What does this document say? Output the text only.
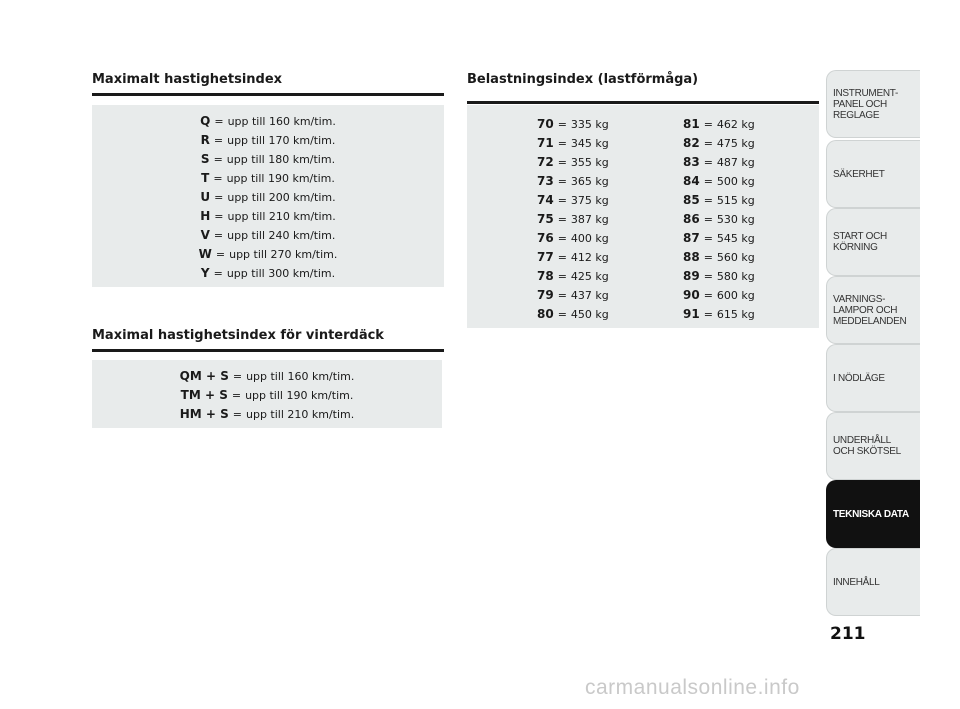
Maximalt hastighetsindex
Q = upp till 160 km/tim.
R = upp till 170 km/tim.
S = upp till 180 km/tim.
T = upp till 190 km/tim.
U = upp till 200 km/tim.
H = upp till 210 km/tim.
V = upp till 240 km/tim.
W = upp till 270 km/tim.
Y = upp till 300 km/tim.
Maximal hastighetsindex för vinterdäck
QM + S = upp till 160 km/tim.
TM + S = upp till 190 km/tim.
HM + S = upp till 210 km/tim.
Belastningsindex (lastförmåga)
70 = 335 kg
71 = 345 kg
72 = 355 kg
73 = 365 kg
74 = 375 kg
75 = 387 kg
76 = 400 kg
77 = 412 kg
78 = 425 kg
79 = 437 kg
80 = 450 kg
81 = 462 kg
82 = 475 kg
83 = 487 kg
84 = 500 kg
85 = 515 kg
86 = 530 kg
87 = 545 kg
88 = 560 kg
89 = 580 kg
90 = 600 kg
91 = 615 kg
INSTRUMENT-
PANEL OCH
REGLAGE
SÄKERHET
START OCH
KÖRNING
VARNINGS-
LAMPOR OCH
MEDDELANDEN
I NÖDLÄGE
UNDERHÅLL
OCH SKÖTSEL
TEKNISKA DATA
INNEHÅLL
211
carmanualsonline.info
